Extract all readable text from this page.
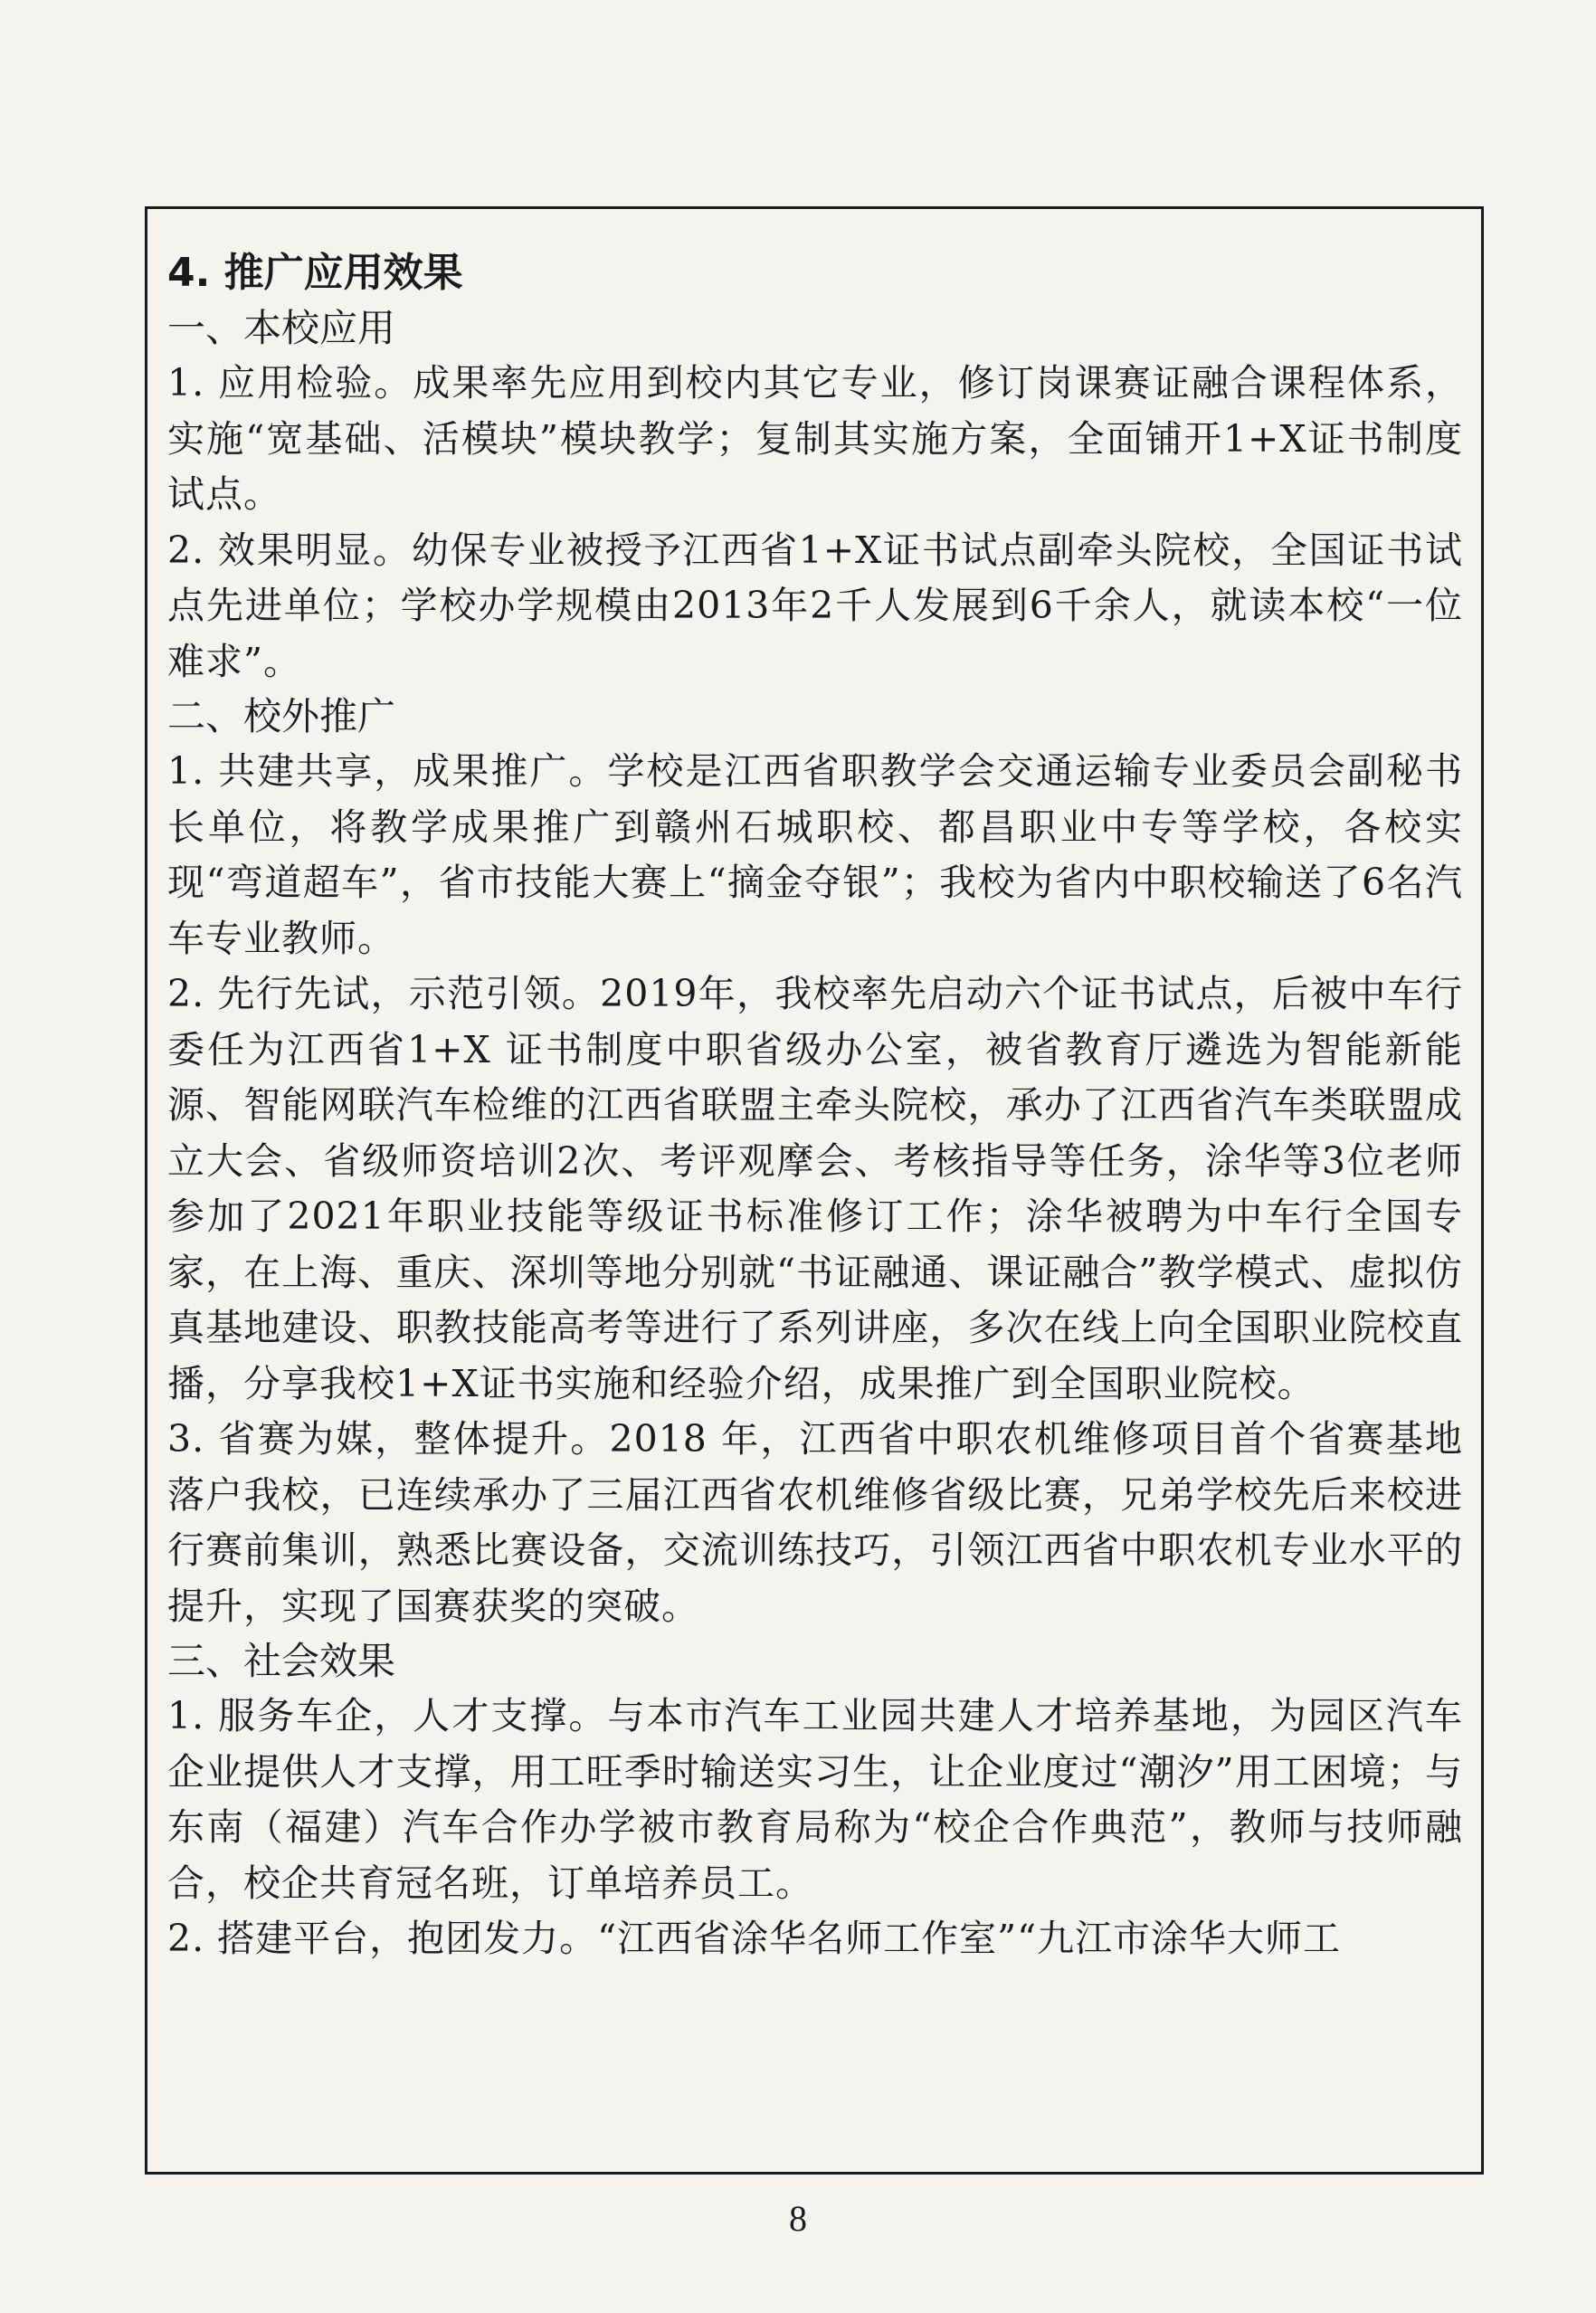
4. 推广应用效果

一、本校应用

1. 应用检验。成果率先应用到校内其它专业，修订岗课赛证融合课程体系，实施“宽基础、活模块”模块教学；复制其实施方案，全面铺开1+X证书制度试点。

2. 效果明显。幼保专业被授予江西省1+X证书试点副牵头院校，全国证书试点先进单位；学校办学规模由2013年2千人发展到6千余人，就读本校“一位难求”。

二、校外推广

1. 共建共享，成果推广。学校是江西省职教学会交通运输专业委员会副秘书长单位，将教学成果推广到赣州石城职校、都昌职业中专等学校，各校实现“弯道超车”，省市技能大赛上“摘金夺银”；我校为省内中职校输送了6名汽车专业教师。

2. 先行先试，示范引领。2019年，我校率先启动六个证书试点，后被中车行委任为江西省1+X 证书制度中职省级办公室，被省教育厅遴选为智能新能源、智能网联汽车检维的江西省联盟主牵头院校，承办了江西省汽车类联盟成立大会、省级师资培训2次、考评观摩会、考核指导等任务，涂华等3位老师参加了2021年职业技能等级证书标准修订工作；涂华被聘为中车行全国专家，在上海、重庆、深圳等地分别就“书证融通、课证融合”教学模式、虚拟仿真基地建设、职教技能高考等进行了系列讲座，多次在线上向全国职业院校直播，分享我校1+X证书实施和经验介绍，成果推广到全国职业院校。

3. 省赛为媒，整体提升。2018 年，江西省中职农机维修项目首个省赛基地落户我校，已连续承办了三届江西省农机维修省级比赛，兄弟学校先后来校进行赛前集训，熟悉比赛设备，交流训练技巧，引领江西省中职农机专业水平的提升，实现了国赛获奖的突破。

三、社会效果

1. 服务车企，人才支撑。与本市汽车工业园共建人才培养基地，为园区汽车企业提供人才支撑，用工旺季时输送实习生，让企业度过“潮汐”用工困境；与东南（福建）汽车合作办学被市教育局称为“校企合作典范”，教师与技师融合，校企共育冠名班，订单培养员工。

2. 搭建平台，抱团发力。“江西省涂华名师工作室”“九江市涂华大师工

8
